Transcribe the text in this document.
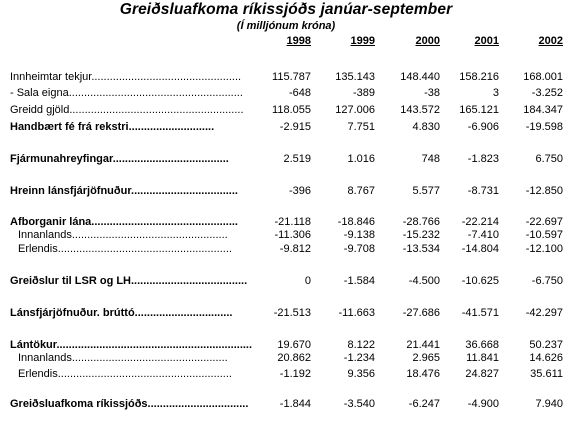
Greiðsluafkoma ríkissjóðs janúar-september
(Í milljónum króna)
1998	1999	2000	2001	2002
Innheimtar tekjur.................................................	115.787	135.143	148.440	158.216	168.001
- Sala eigna.........................................................	-648	-389	-38	3	-3.252
Greidd gjöld.........................................................	118.055	127.006	143.572	165.121	184.347
Handbært fé frá rekstri............................	-2.915	7.751	4.830	-6.906	-19.598
Fjármunahreyfingar......................................	2.519	1.016	748	-1.823	6.750
Hreinn lánsfjárjöfnuður...................................	-396	8.767	5.577	-8.731	-12.850
Afborganir lána................................................	-21.118	-18.846	-28.766	-22.214	-22.697
Innanlands...................................................	-11.306	-9.138	-15.232	-7.410	-10.597
Erlendis.........................................................	-9.812	-9.708	-13.534	-14.804	-12.100
Greiðslur til LSR og LH......................................	0	-1.584	-4.500	-10.625	-6.750
Lánsfjárjöfnuður. brúttó................................	-21.513	-11.663	-27.686	-41.571	-42.297
Lántökur................................................................	19.670	8.122	21.441	36.668	50.237
Innanlands...................................................	20.862	-1.234	2.965	11.841	14.626
Erlendis.........................................................	-1.192	9.356	18.476	24.827	35.611
Greiðsluafkoma ríkissjóðs.................................	-1.844	-3.540	-6.247	-4.900	7.940
